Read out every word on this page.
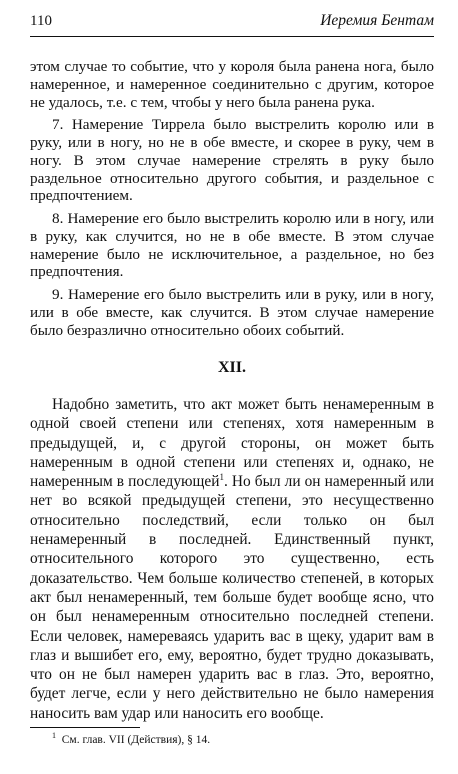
110	Иеремия Бентам

этом случае то событие, что у короля была ранена нога, было намеренное, и намеренное соединительно с другим, которое не удалось, т.е. с тем, чтобы у него была ранена рука.

7. Намерение Тиррела было выстрелить королю или в руку, или в ногу, но не в обе вместе, и скорее в руку, чем в ногу. В этом случае намерение стрелять в руку было раздельное относительно другого события, и раздельное с предпочтением.

8. Намерение его было выстрелить королю или в ногу, или в руку, как случится, но не в обе вместе. В этом случае намерение было не исключительное, а раздельное, но без предпочтения.

9. Намерение его было выстрелить или в руку, или в ногу, или в обе вместе, как случится. В этом случае намерение было безразлично относительно обоих событий.

XII.

Надобно заметить, что акт может быть ненамеренным в одной своей степени или степенях, хотя намеренным в предыдущей, и, с другой стороны, он может быть намеренным в одной степени или степенях и, однако, не намеренным в последующей$^1$. Но был ли он намеренный или нет во всякой предыдущей степени, это несущественно относительно последствий, если только он был ненамеренный в последней. Единственный пункт, относительного которого это существенно, есть доказательство. Чем больше количество степеней, в которых акт был ненамеренный, тем больше будет вообще ясно, что он был ненамеренным относительно последней степени. Если человек, намереваясь ударить вас в щеку, ударит вам в глаз и вышибет его, ему, вероятно, будет трудно доказывать, что он не был намерен ударить вас в глаз. Это, вероятно, будет легче, если у него действительно не было намерения наносить вам удар или наносить его вообще.

$^1$ См. глав. VII (Действия), § 14.
